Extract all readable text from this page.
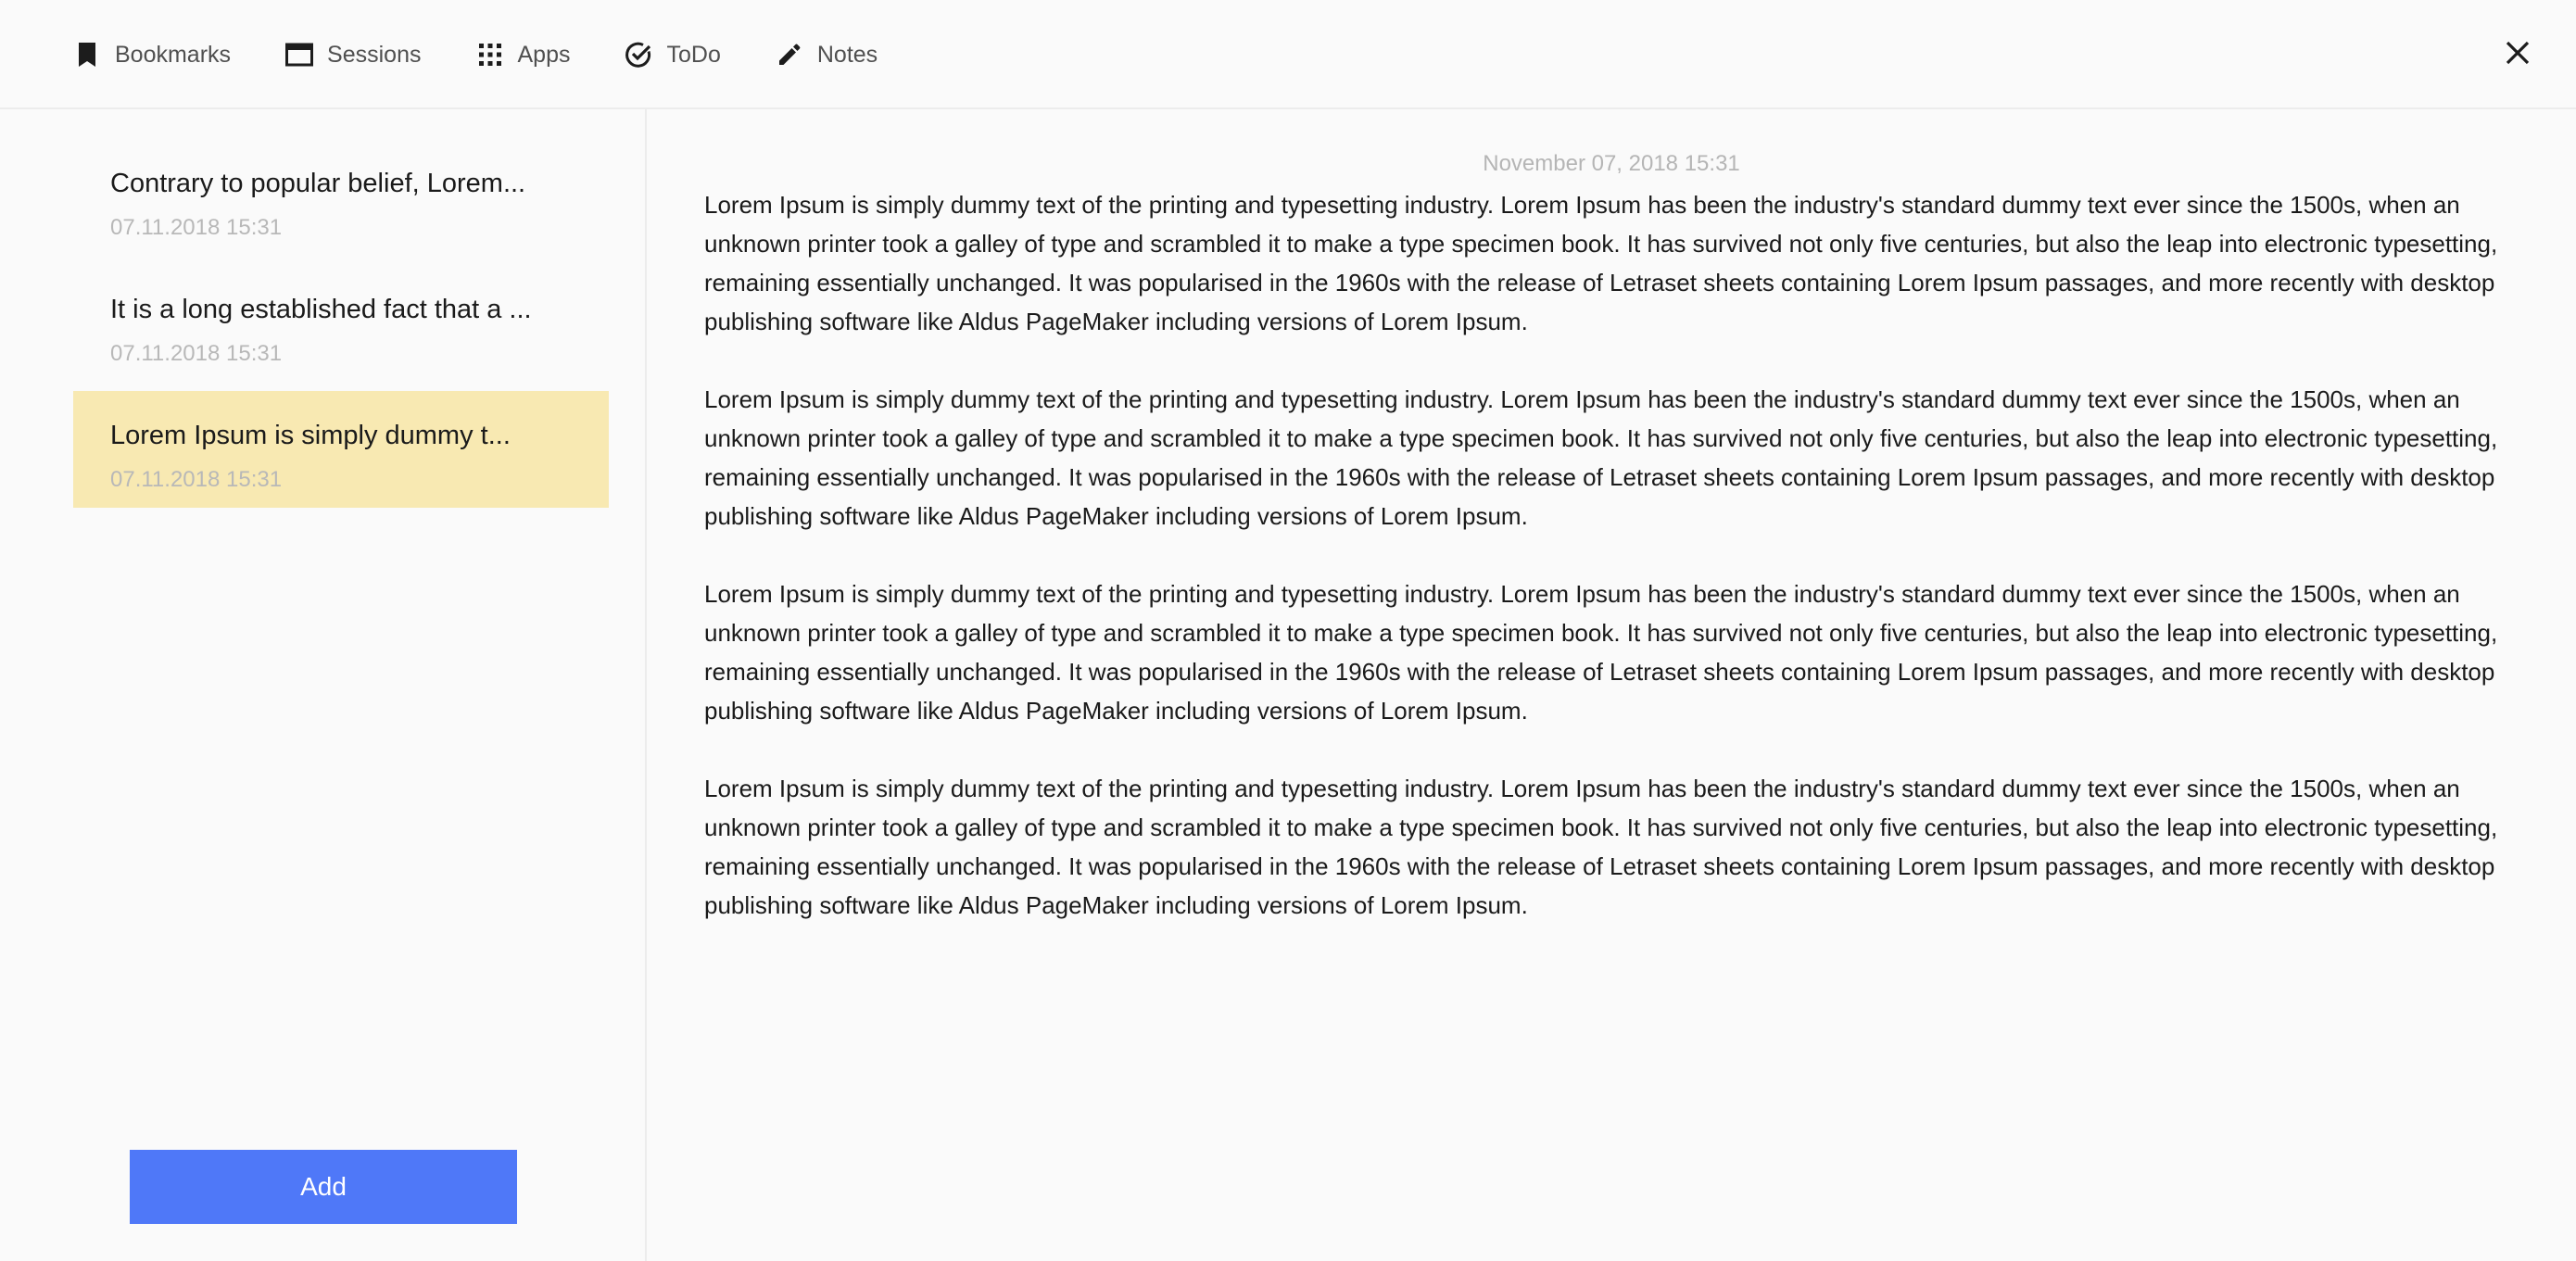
Bookmarks	Sessions	Apps	ToDo	Notes
Contrary to popular belief, Lorem...
07.11.2018 15:31
It is a long established fact that a ...
07.11.2018 15:31
Lorem Ipsum is simply dummy t...
07.11.2018 15:31
Add
November 07, 2018 15:31

Lorem Ipsum is simply dummy text of the printing and typesetting industry. Lorem Ipsum has been the industry's standard dummy text ever since the 1500s, when an unknown printer took a galley of type and scrambled it to make a type specimen book. It has survived not only five centuries, but also the leap into electronic typesetting, remaining essentially unchanged. It was popularised in the 1960s with the release of Letraset sheets containing Lorem Ipsum passages, and more recently with desktop publishing software like Aldus PageMaker including versions of Lorem Ipsum.

Lorem Ipsum is simply dummy text of the printing and typesetting industry. Lorem Ipsum has been the industry's standard dummy text ever since the 1500s, when an unknown printer took a galley of type and scrambled it to make a type specimen book. It has survived not only five centuries, but also the leap into electronic typesetting, remaining essentially unchanged. It was popularised in the 1960s with the release of Letraset sheets containing Lorem Ipsum passages, and more recently with desktop publishing software like Aldus PageMaker including versions of Lorem Ipsum.

Lorem Ipsum is simply dummy text of the printing and typesetting industry. Lorem Ipsum has been the industry's standard dummy text ever since the 1500s, when an unknown printer took a galley of type and scrambled it to make a type specimen book. It has survived not only five centuries, but also the leap into electronic typesetting, remaining essentially unchanged. It was popularised in the 1960s with the release of Letraset sheets containing Lorem Ipsum passages, and more recently with desktop publishing software like Aldus PageMaker including versions of Lorem Ipsum.

Lorem Ipsum is simply dummy text of the printing and typesetting industry. Lorem Ipsum has been the industry's standard dummy text ever since the 1500s, when an unknown printer took a galley of type and scrambled it to make a type specimen book. It has survived not only five centuries, but also the leap into electronic typesetting, remaining essentially unchanged. It was popularised in the 1960s with the release of Letraset sheets containing Lorem Ipsum passages, and more recently with desktop publishing software like Aldus PageMaker including versions of Lorem Ipsum.
